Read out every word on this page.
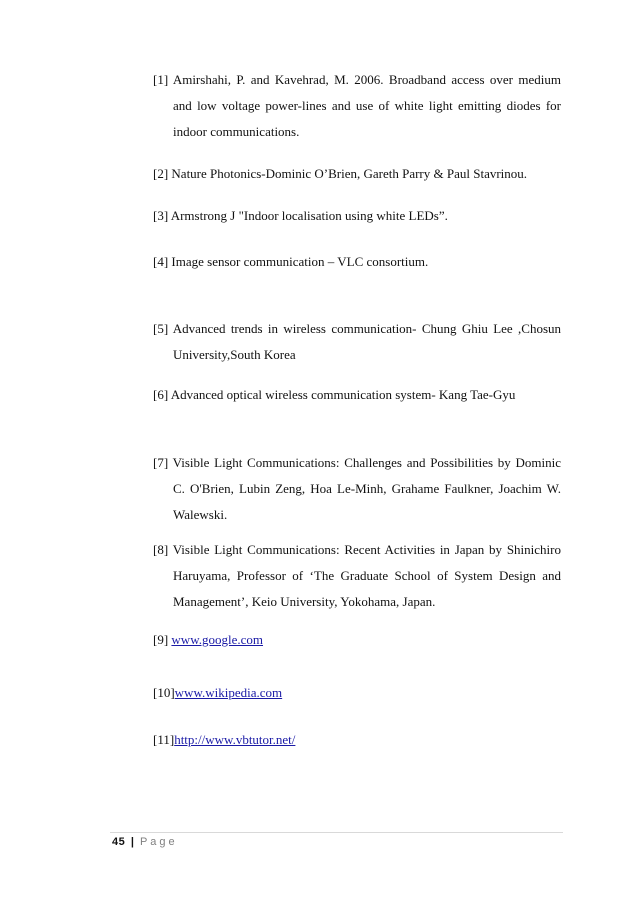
[1] Amirshahi, P. and Kavehrad, M. 2006. Broadband access over medium
and low voltage power-lines and use of white light emitting diodes for
indoor communications.
[2] Nature Photonics-Dominic O’Brien, Gareth Parry & Paul Stavrinou.
[3] Armstrong J "Indoor localisation using white LEDs”.
[4] Image sensor communication – VLC consortium.
[5] Advanced trends in wireless communication- Chung Ghiu Lee ,Chosun
University,South Korea
[6] Advanced optical wireless communication system- Kang Tae-Gyu
[7] Visible Light Communications: Challenges and Possibilities by Dominic
C. O'Brien, Lubin Zeng, Hoa Le-Minh, Grahame Faulkner, Joachim W.
Walewski.
[8] Visible Light Communications: Recent Activities in Japan by Shinichiro
Haruyama, Professor of ‘The Graduate School of System Design and
Management’, Keio University, Yokohama, Japan.
[9] www.google.com
[10]www.wikipedia.com
[11]http://www.vbtutor.net/
45 | Page
